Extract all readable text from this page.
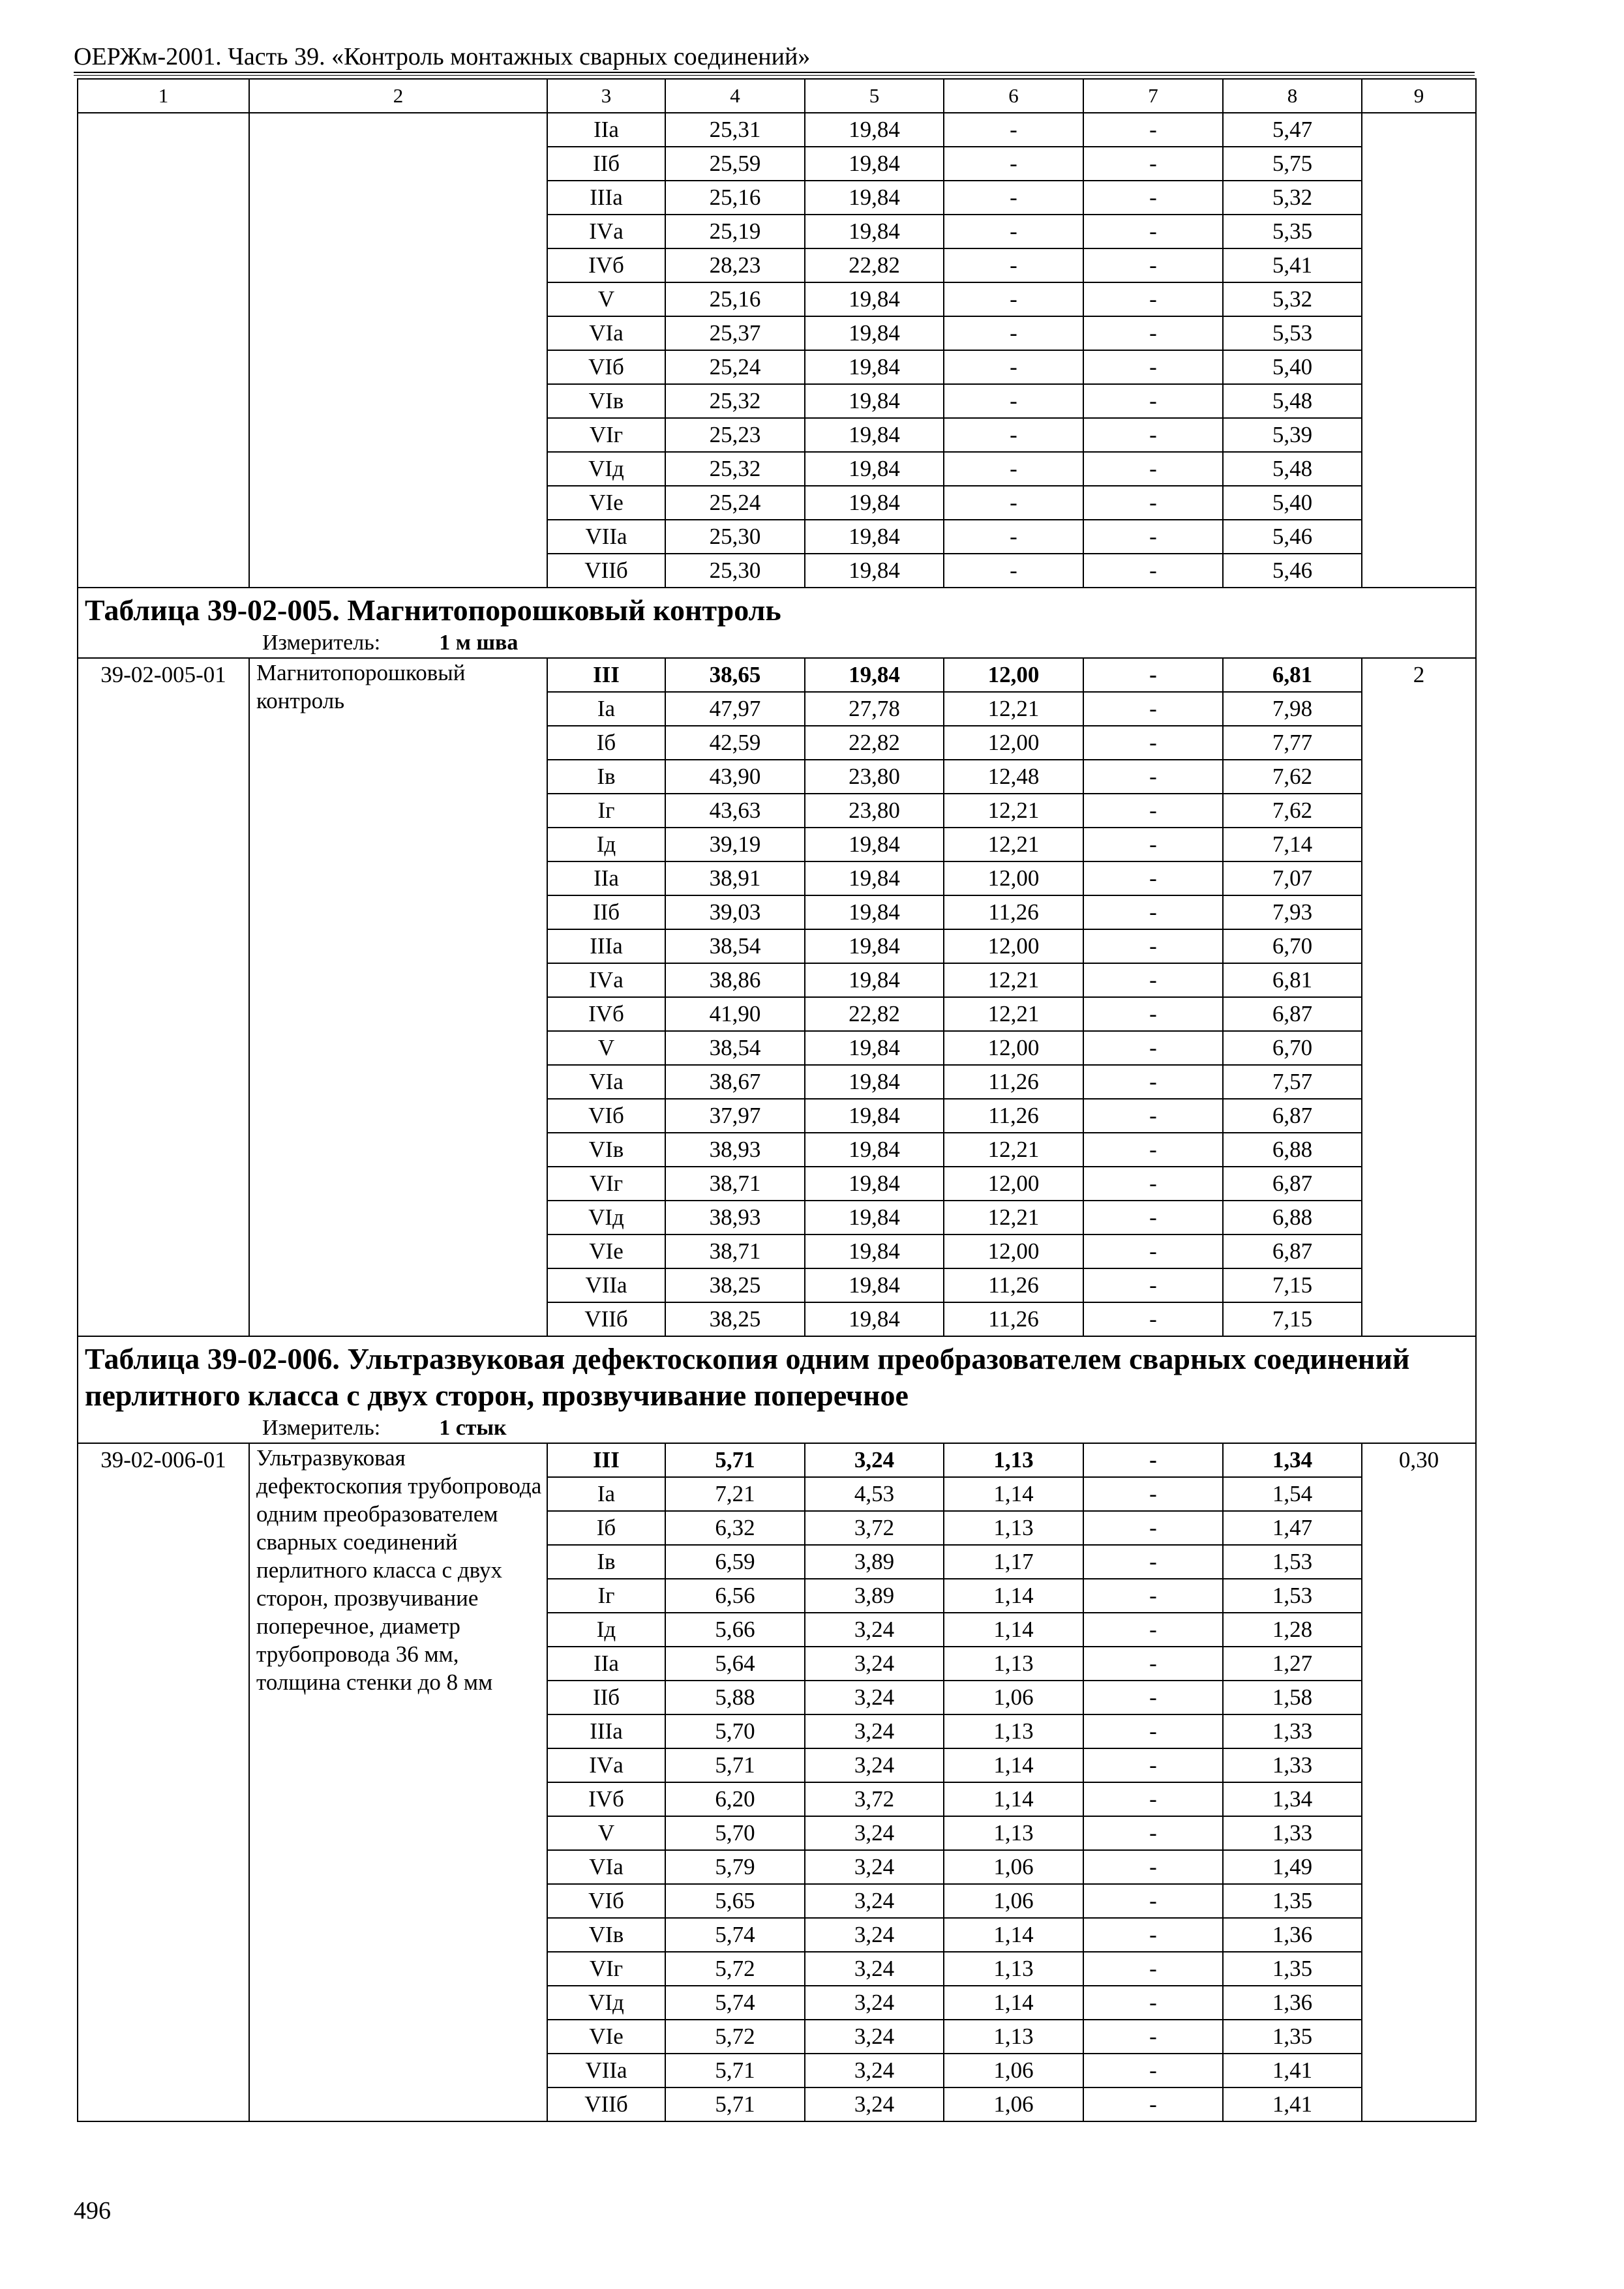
ОЕРЖм-2001. Часть 39. «Контроль монтажных сварных соединений»
1	2	3	4	5	6	7	8	9
		IIа	25,31	19,84	-	-	5,47	
		IIб	25,59	19,84	-	-	5,75	
		IIIа	25,16	19,84	-	-	5,32	
		IVа	25,19	19,84	-	-	5,35	
		IVб	28,23	22,82	-	-	5,41	
		V	25,16	19,84	-	-	5,32	
		VIа	25,37	19,84	-	-	5,53	
		VIб	25,24	19,84	-	-	5,40	
		VIв	25,32	19,84	-	-	5,48	
		VIг	25,23	19,84	-	-	5,39	
		VIд	25,32	19,84	-	-	5,48	
		VIе	25,24	19,84	-	-	5,40	
		VIIа	25,30	19,84	-	-	5,46	
		VIIб	25,30	19,84	-	-	5,46	

Таблица 39-02-005. Магнитопорошковый контроль
Измеритель: 1 м шва								

39-02-005-01	Магнитопорошковый контроль	III	38,65	19,84	12,00	-	6,81	2
		Iа	47,97	27,78	12,21	-	7,98	
		Iб	42,59	22,82	12,00	-	7,77	
		Iв	43,90	23,80	12,48	-	7,62	
		Iг	43,63	23,80	12,21	-	7,62	
		Iд	39,19	19,84	12,21	-	7,14	
		IIа	38,91	19,84	12,00	-	7,07	
		IIб	39,03	19,84	11,26	-	7,93	
		IIIа	38,54	19,84	12,00	-	6,70	
		IVа	38,86	19,84	12,21	-	6,81	
		IVб	41,90	22,82	12,21	-	6,87	
		V	38,54	19,84	12,00	-	6,70	
		VIа	38,67	19,84	11,26	-	7,57	
		VIб	37,97	19,84	11,26	-	6,87	
		VIв	38,93	19,84	12,21	-	6,88	
		VIг	38,71	19,84	12,00	-	6,87	
		VIд	38,93	19,84	12,21	-	6,88	
		VIе	38,71	19,84	12,00	-	6,87	
		VIIа	38,25	19,84	11,26	-	7,15	
		VIIб	38,25	19,84	11,26	-	7,15	

Таблица 39-02-006. Ультразвуковая дефектоскопия одним преобразователем сварных соединений перлитного класса с двух сторон, прозвучивание поперечное
Измеритель: 1 стык								

39-02-006-01	Ультразвуковая дефектоскопия трубопровода одним преобразователем сварных соединений перлитного класса с двух сторон, прозвучивание поперечное, диаметр трубопровода 36 мм, толщина стенки до 8 мм	III	5,71	3,24	1,13	-	1,34	0,30
		Iа	7,21	4,53	1,14	-	1,54	
		Iб	6,32	3,72	1,13	-	1,47	
		Iв	6,59	3,89	1,17	-	1,53	
		Iг	6,56	3,89	1,14	-	1,53	
		Iд	5,66	3,24	1,14	-	1,28	
		IIа	5,64	3,24	1,13	-	1,27	
		IIб	5,88	3,24	1,06	-	1,58	
		IIIа	5,70	3,24	1,13	-	1,33	
		IVа	5,71	3,24	1,14	-	1,33	
		IVб	6,20	3,72	1,14	-	1,34	
		V	5,70	3,24	1,13	-	1,33	
		VIа	5,79	3,24	1,06	-	1,49	
		VIб	5,65	3,24	1,06	-	1,35	
		VIв	5,74	3,24	1,14	-	1,36	
		VIг	5,72	3,24	1,13	-	1,35	
		VIд	5,74	3,24	1,14	-	1,36	
		VIе	5,72	3,24	1,13	-	1,35	
		VIIа	5,71	3,24	1,06	-	1,41	
		VIIб	5,71	3,24	1,06	-	1,41	
496
